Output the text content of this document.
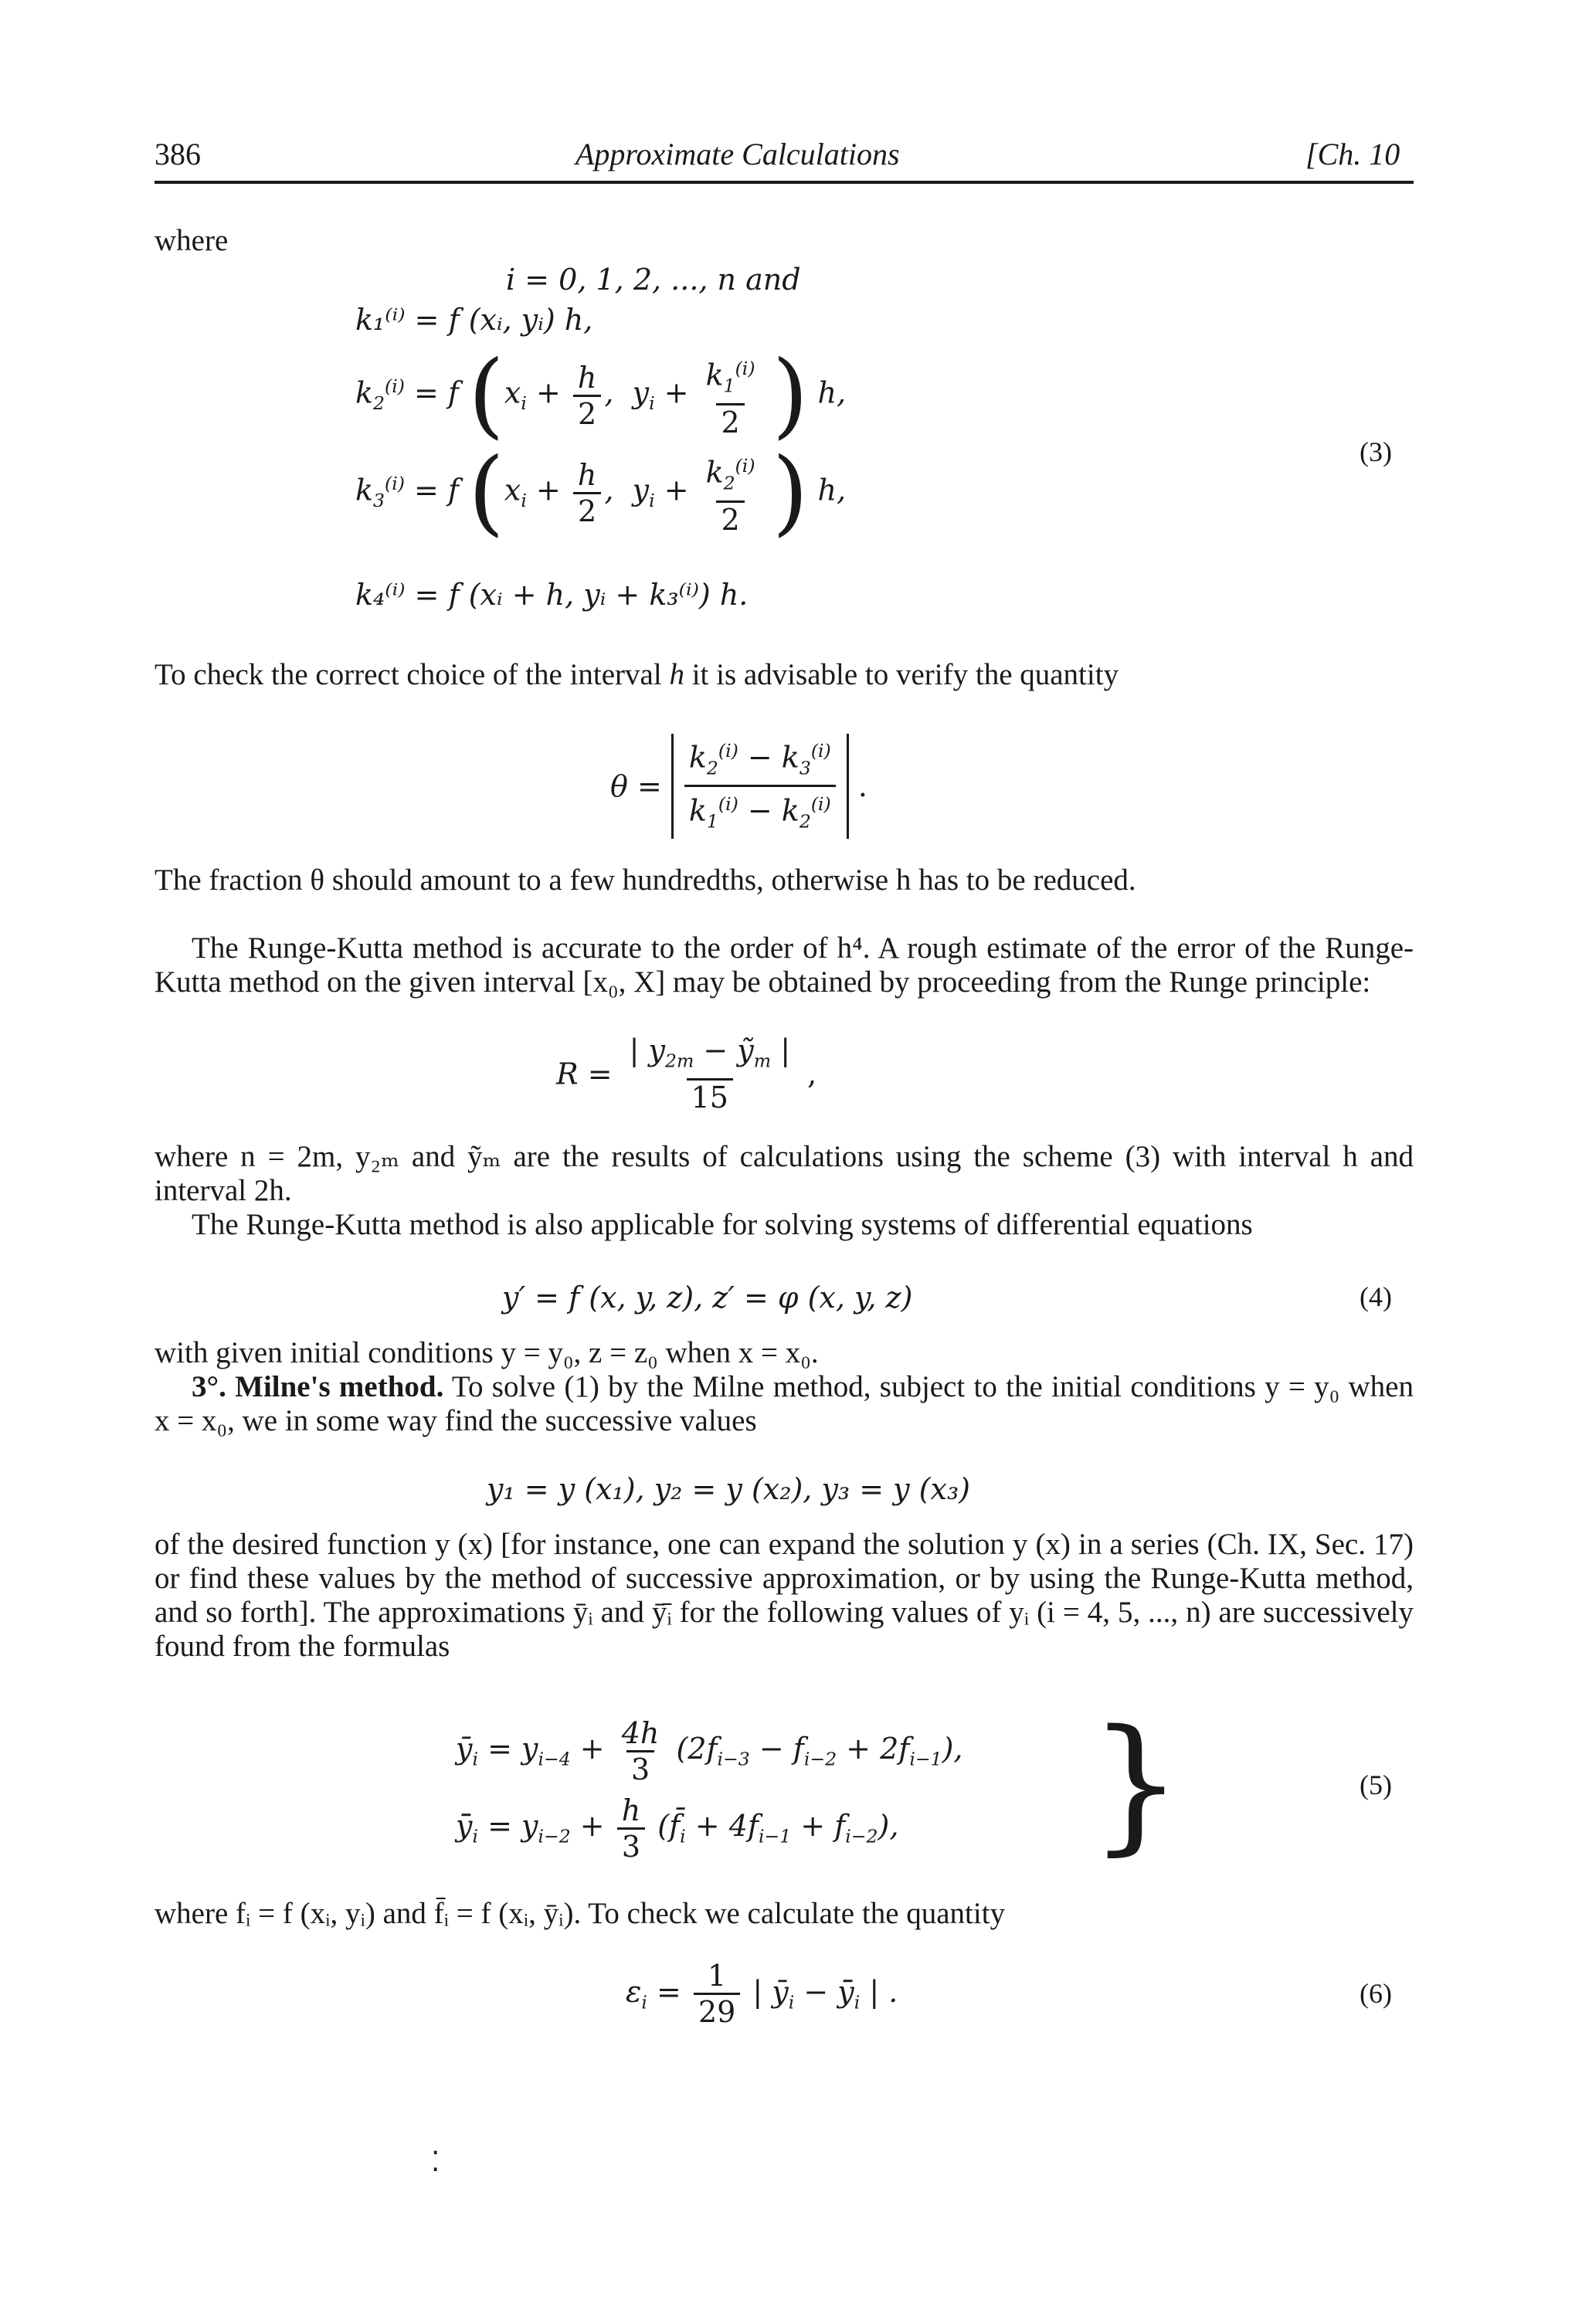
386	Approximate Calculations	[Ch. 10
where
i = 0, 1, 2, ..., n and
k₁⁽ⁱ⁾ = f (xᵢ, yᵢ) h,
$k_2^{(i)} = f$ ($x_i + \frac{h}{2}$ ,  $y_i + \frac{k_1^{(i)}}{2}$ ) h,
$k_3^{(i)} = f$ ($x_i + \frac{h}{2}$ ,  $y_i + \frac{k_2^{(i)}}{2}$ ) h,
k₄⁽ⁱ⁾ = f (xᵢ + h, yᵢ + k₃⁽ⁱ⁾) h.
(3)
To check the correct choice of the interval h it is advisable to verify the quantity
$\theta = \frac{k_2^{(i)} - k_3^{(i)}}{k_1^{(i)} - k_2^{(i)}}$ .
The fraction θ should amount to a few hundredths, otherwise h has to be reduced.
The Runge-Kutta method is accurate to the order of h⁴. A rough estimate of the error of the Runge-Kutta method on the given interval [x₀, X] may be obtained by proceeding from the Runge principle:
$R = \frac{| y_{2m} - ỹ_m |}{15}$ ,
where n = 2m, y₂ₘ and ỹₘ are the results of calculations using the scheme (3) with interval h and interval 2h.
The Runge-Kutta method is also applicable for solving systems of differential equations
y′ = f (x, y, z), z′ = φ (x, y, z)	(4)
with given initial conditions y = y₀, z = z₀ when x = x₀.
3°. Milne's method. To solve (1) by the Milne method, subject to the initial conditions y = y₀ when x = x₀, we in some way find the successive values
y₁ = y (x₁), y₂ = y (x₂), y₃ = y (x₃)
of the desired function y (x) [for instance, one can expand the solution y (x) in a series (Ch. IX, Sec. 17) or find these values by the method of successive approximation, or by using the Runge-Kutta method, and so forth]. The approximations ȳᵢ and ȳ̄ᵢ for the following values of yᵢ (i = 4, 5, ..., n) are successively found from the formulas
$ȳ_i = y_{i-4} + \frac{4h}{3} (2f_{i-3} - f_{i-2} + 2f_{i-1})$,
$ȳ̄_i = y_{i-2} + \frac{h}{3}$ $(f̄_i + 4f_{i-1} + f_{i-2})$, }	(5)
where fᵢ = f (xᵢ, yᵢ) and f̄ᵢ = f (xᵢ, ȳᵢ). To check we calculate the quantity
$\varepsilon_i = \frac{1}{29}$ | $ȳ_i$ − $ȳ̄_i$ | .	(6)
⁚
